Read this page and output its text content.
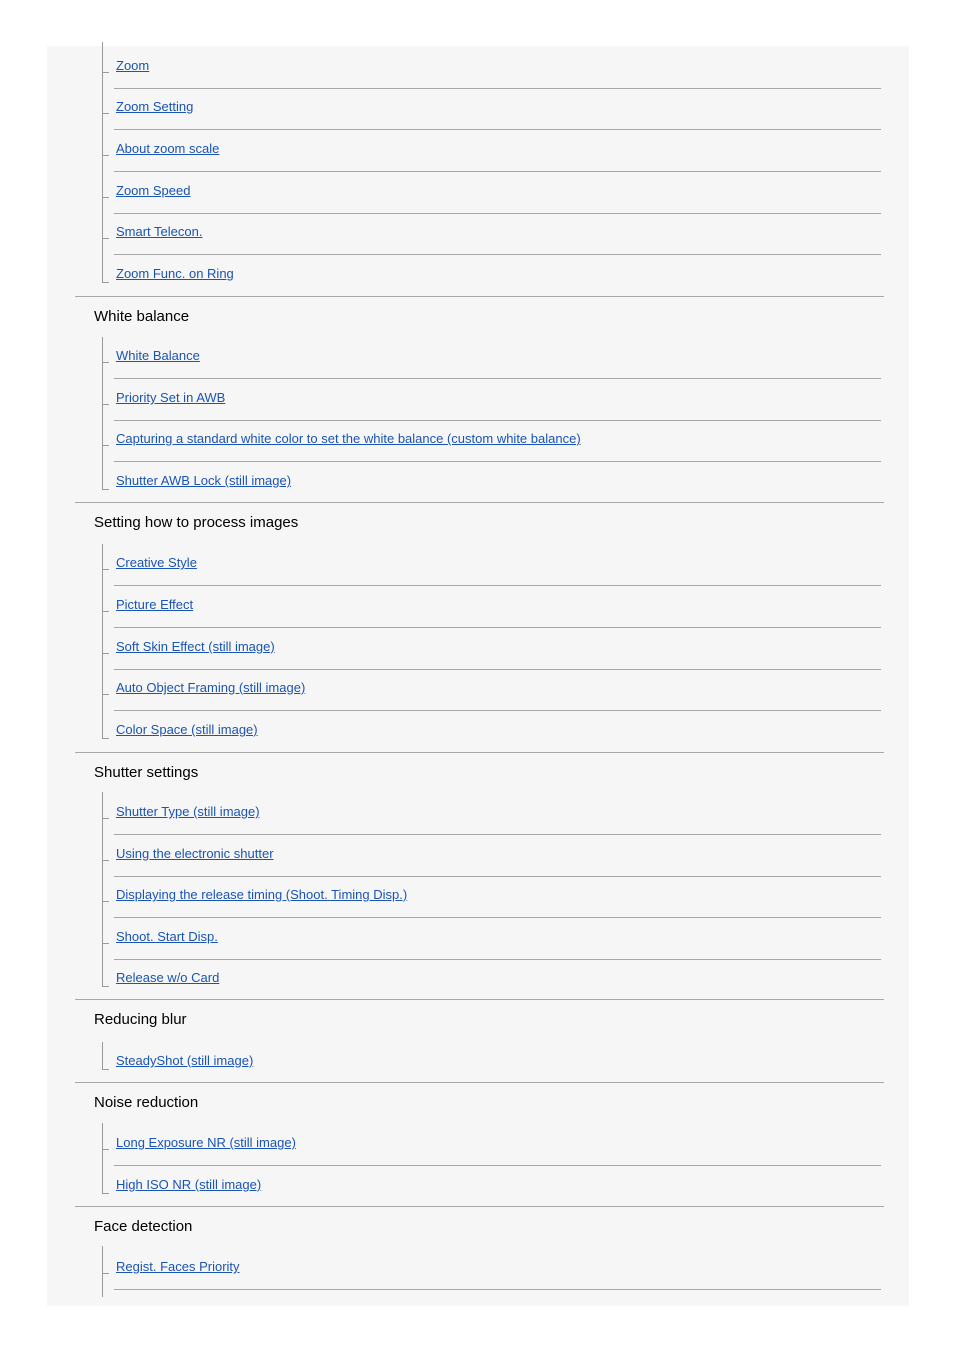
Zoom
Zoom Setting
About zoom scale
Zoom Speed
Smart Telecon.
Zoom Func. on Ring
White balance
White Balance
Priority Set in AWB
Capturing a standard white color to set the white balance (custom white balance)
Shutter AWB Lock (still image)
Setting how to process images
Creative Style
Picture Effect
Soft Skin Effect (still image)
Auto Object Framing (still image)
Color Space (still image)
Shutter settings
Shutter Type (still image)
Using the electronic shutter
Displaying the release timing (Shoot. Timing Disp.)
Shoot. Start Disp.
Release w/o Card
Reducing blur
SteadyShot (still image)
Noise reduction
Long Exposure NR (still image)
High ISO NR (still image)
Face detection
Regist. Faces Priority
